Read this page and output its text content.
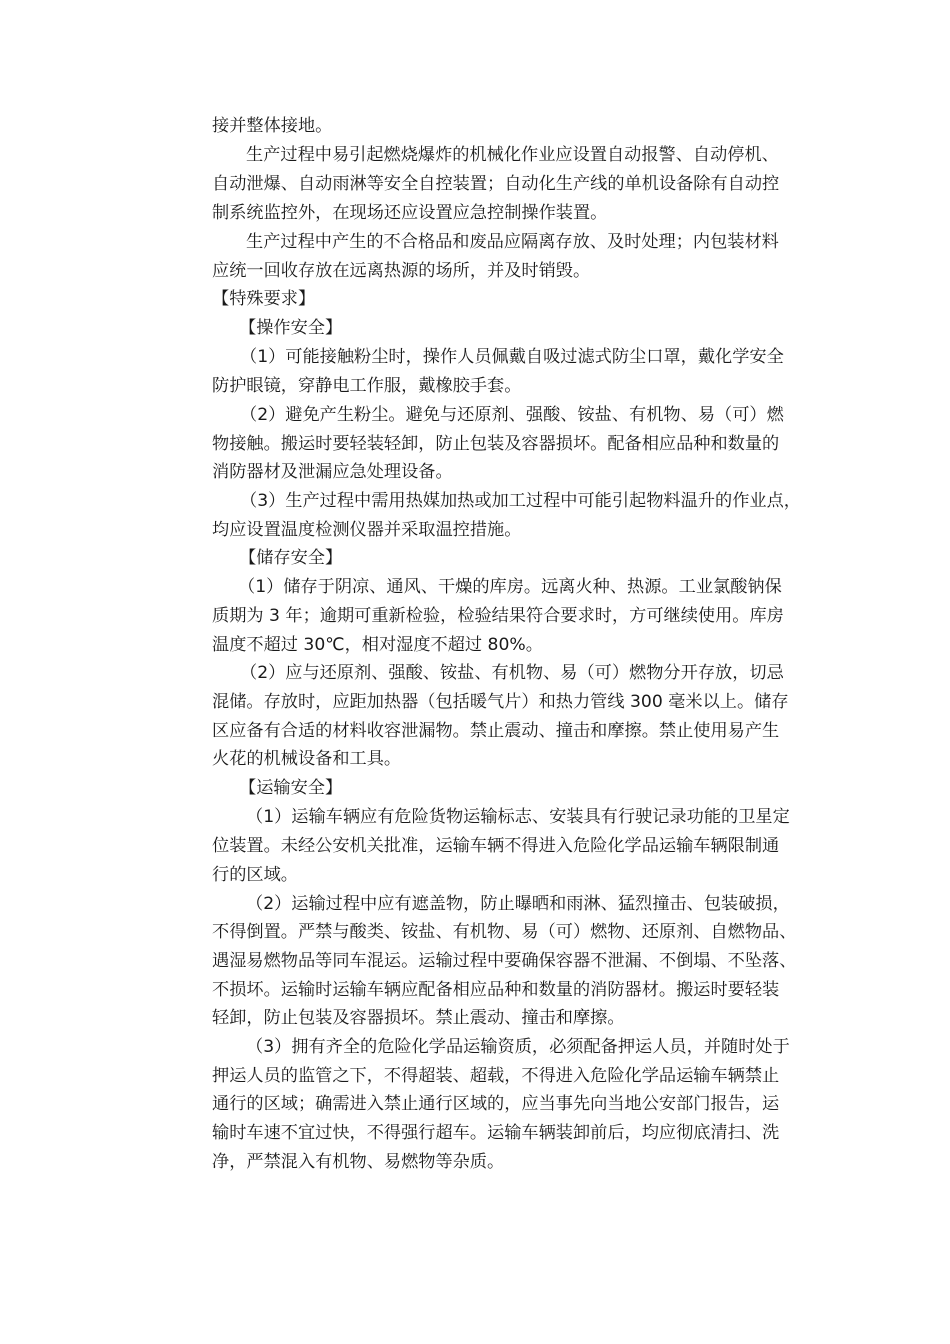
接并整体接地。
生产过程中易引起燃烧爆炸的机械化作业应设置自动报警、自动停机、
自动泄爆、自动雨淋等安全自控装置；自动化生产线的单机设备除有自动控
制系统监控外，在现场还应设置应急控制操作装置。
生产过程中产生的不合格品和废品应隔离存放、及时处理；内包装材料
应统一回收存放在远离热源的场所，并及时销毁。
【特殊要求】
【操作安全】
（1）可能接触粉尘时，操作人员佩戴自吸过滤式防尘口罩，戴化学安全
防护眼镜，穿静电工作服，戴橡胶手套。
（2）避免产生粉尘。避免与还原剂、强酸、铵盐、有机物、易（可）燃
物接触。搬运时要轻装轻卸，防止包装及容器损坏。配备相应品种和数量的
消防器材及泄漏应急处理设备。
（3）生产过程中需用热媒加热或加工过程中可能引起物料温升的作业点，
均应设置温度检测仪器并采取温控措施。
【储存安全】
（1）储存于阴凉、通风、干燥的库房。远离火种、热源。工业氯酸钠保
质期为 3 年；逾期可重新检验，检验结果符合要求时，方可继续使用。库房
温度不超过 30℃，相对湿度不超过 80%。
（2）应与还原剂、强酸、铵盐、有机物、易（可）燃物分开存放，切忌
混储。存放时，应距加热器（包括暖气片）和热力管线 300 毫米以上。储存
区应备有合适的材料收容泄漏物。禁止震动、撞击和摩擦。禁止使用易产生
火花的机械设备和工具。
【运输安全】
（1）运输车辆应有危险货物运输标志、安装具有行驶记录功能的卫星定
位装置。未经公安机关批准，运输车辆不得进入危险化学品运输车辆限制通
行的区域。
（2）运输过程中应有遮盖物，防止曝晒和雨淋、猛烈撞击、包装破损，
不得倒置。严禁与酸类、铵盐、有机物、易（可）燃物、还原剂、自燃物品、
遇湿易燃物品等同车混运。运输过程中要确保容器不泄漏、不倒塌、不坠落、
不损坏。运输时运输车辆应配备相应品种和数量的消防器材。搬运时要轻装
轻卸，防止包装及容器损坏。禁止震动、撞击和摩擦。
（3）拥有齐全的危险化学品运输资质，必须配备押运人员，并随时处于
押运人员的监管之下，不得超装、超载，不得进入危险化学品运输车辆禁止
通行的区域；确需进入禁止通行区域的，应当事先向当地公安部门报告，运
输时车速不宜过快，不得强行超车。运输车辆装卸前后，均应彻底清扫、洗
净，严禁混入有机物、易燃物等杂质。
